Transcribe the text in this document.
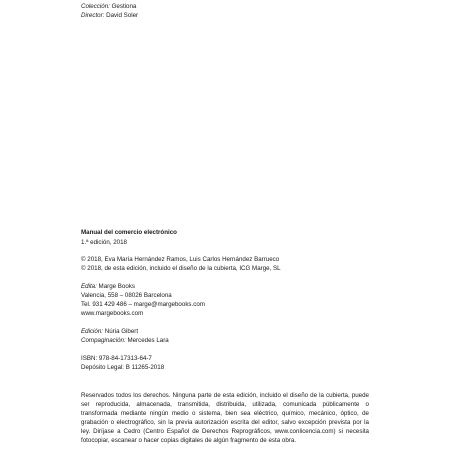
Colección: Gestiona
Director: David Soler
Manual del comercio electrónico
1.ª edición, 2018
© 2018, Eva María Hernández Ramos, Luis Carlos Hernández Barrueco
© 2018, de esta edición, incluido el diseño de la cubierta, ICG Marge, SL
Edita: Marge Books
Valencia, 558 – 08026 Barcelona
Tel. 931 429 486 – marge@margebooks.com
www.margebooks.com
Edición: Núria Gibert
Compaginación: Mercedes Lara
ISBN: 978-84-17313-64-7
Depósito Legal: B 11265-2018
Reservados todos los derechos. Ninguna parte de esta edición, incluido el diseño de la cubierta, puede ser reproducida, almacenada, transmitida, distribuida, utilizada, comunicada públicamente o transformada mediante ningún medio o sistema, bien sea eléctrico, químico, mecánico, óptico, de grabación o electrográfico, sin la previa autorización escrita del editor, salvo excepción prevista por la ley. Diríjase a Cedro (Centro Español de Derechos Reprográficos, www.conlicencia.com) si necesita fotocopiar, escanear o hacer copias digitales de algún fragmento de esta obra.
